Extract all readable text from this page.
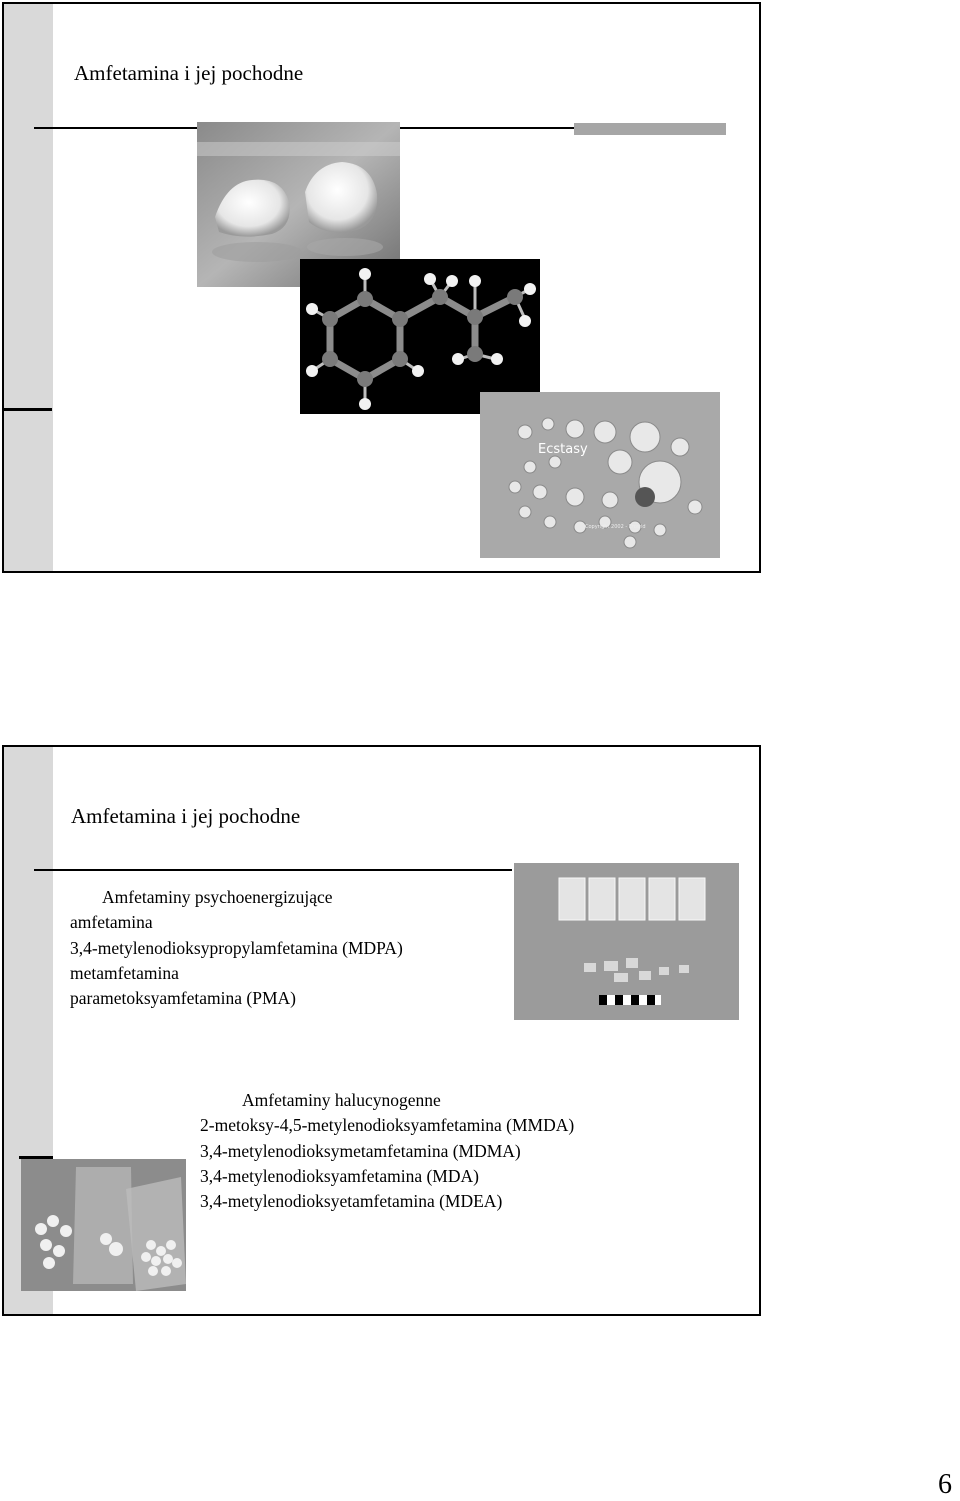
Amfetamina i jej pochodne
Ecstasy
Copyright 2002 - Erowid
Amfetamina i jej pochodne
Amfetaminy psychoenergizujące
amfetamina
3,4-metylenodioksypropylamfetamina (MDPA)
metamfetamina
parametoksyamfetamina (PMA)
Amfetaminy halucynogenne
2-metoksy-4,5-metylenodioksyamfetamina (MMDA)
3,4-metylenodioksymetamfetamina (MDMA)
3,4-metylenodioksyamfetamina (MDA)
3,4-metylenodioksyetamfetamina (MDEA)
6
